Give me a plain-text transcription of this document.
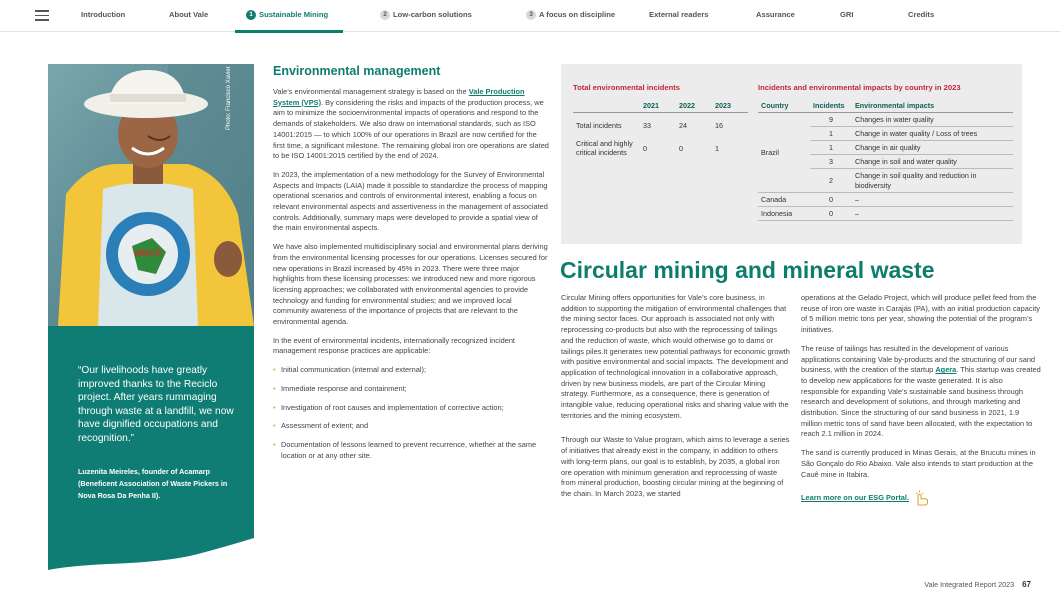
Introduction	About Vale	1 Sustainable Mining	2 Low-carbon solutions	3 A focus on discipline	External readers	Assurance	GRI	Credits
MNCR
Photo: Francisco Xavier
“Our livelihoods have greatly improved thanks to the Reciclo project. After years rummaging through waste at a landfill, we now have dignified occupations and recognition.”
Luzenita Meireles, founder of Acamarp (Beneficent Association of Waste Pickers in Nova Rosa Da Penha II).
Environmental management

Vale’s environmental management strategy is based on the Vale Production System (VPS). By considering the risks and impacts of the production process, we aim to minimize the socioenvironmental impacts of operations and respond to the demands of stakeholders. We also draw on international standards, such as ISO 14001:2015 — to which 100% of our operations in Brazil are now certified for the first time, a significant milestone. The remaining global iron ore operations are slated to be ISO 14001:2015 certified by the end of 2024.

In 2023, the implementation of a new methodology for the Survey of Environmental Aspects and Impacts (LAIA) made it possible to standardize the process of mapping operational scenarios and controls of environmental interest, enabling a focus on relevant environmental aspects and assertiveness in the management of associated controls. Additionally, summary maps were developed to provide a spatial view of the main environmental aspects.

We have also implemented multidisciplinary social and environmental plans deriving from the environmental licensing processes for our operations. Licenses secured for new operations in Brazil increased by 45% in 2023. There were three major highlights from these licensing processes: we introduced new and more rigorous licensing approaches; we collaborated with environmental agencies to provide technology and funding for environmental studies; and we improved local community awareness of the importance of projects that are relevant to the environmental agenda.

In the event of environmental incidents, internationally recognized incident management response practices are applicable:

• Initial communication (internal and external);
• Immediate response and containment;
• Investigation of root causes and implementation of corrective action;
• Assessment of extent; and
• Documentation of lessons learned to prevent recurrence, whether at the same location or at any other site.
Total environmental incidents
	2021	2022	2023
Total incidents	33	24	16
Critical and highly critical incidents	0	0	1
Incidents and environmental impacts by country in 2023
Country	Incidents	Environmental impacts
Brazil	9	Changes in water quality
	1	Change in water quality / Loss of trees
	1	Change in air quality
	3	Change in soil and water quality
	2	Change in soil quality and reduction in biodiversity
Canada	0	–
Indonesia	0	–
Circular mining and mineral waste

Circular Mining offers opportunities for Vale’s core business, in addition to supporting the mitigation of environmental challenges that the mining sector faces. Our approach is associated not only with reprocessing co-products but also with the reprocessing of tailings and the reduction of waste, which would otherwise go to dams or tailings piles.It generates new potential pathways for economic growth with positive environmental and social impacts. The development and application of technological innovation in a collaborative approach, driven by new business models, are part of the Circular Mining strategy. Furthermore, as a consequence, there is generation of intangible value, reducing operational risks and sharing value with the territories and the mining ecosystem.

Through our Waste to Value program, which aims to leverage a series of initiatives that already exist in the company, in addition to others with long-term plans, our goal is to establish, by 2035, a global iron ore operation with minimum generation and reprocessing of waste from mineral production, boosting circular mining at the beginning of the chain. In March 2023, we started

operations at the Gelado Project, which will produce pellet feed from the reuse of iron ore waste in Carajás (PA), with an initial production capacity of 5 million metric tons per year, showing the potential of the program’s initiatives.

The reuse of tailings has resulted in the development of various applications containing Vale by-products and the structuring of our sand business, with the creation of the startup Agera. This startup was created to develop new applications for the waste generated. It is also responsible for expanding Vale’s sustainable sand business through research and development of solutions, and through marketing and distribution. Since the structuring of our sand business in 2021, 1.9 million metric tons of sand have been allocated, with the expectation to reach 2.1 million in 2024.

The sand is currently produced in Minas Gerais, at the Brucutu mines in São Gonçalo do Rio Abaixo. Vale also intends to start production at the Cauê mine in Itabira.

Learn more on our ESG Portal.

Vale Integrated Report 2023 67
